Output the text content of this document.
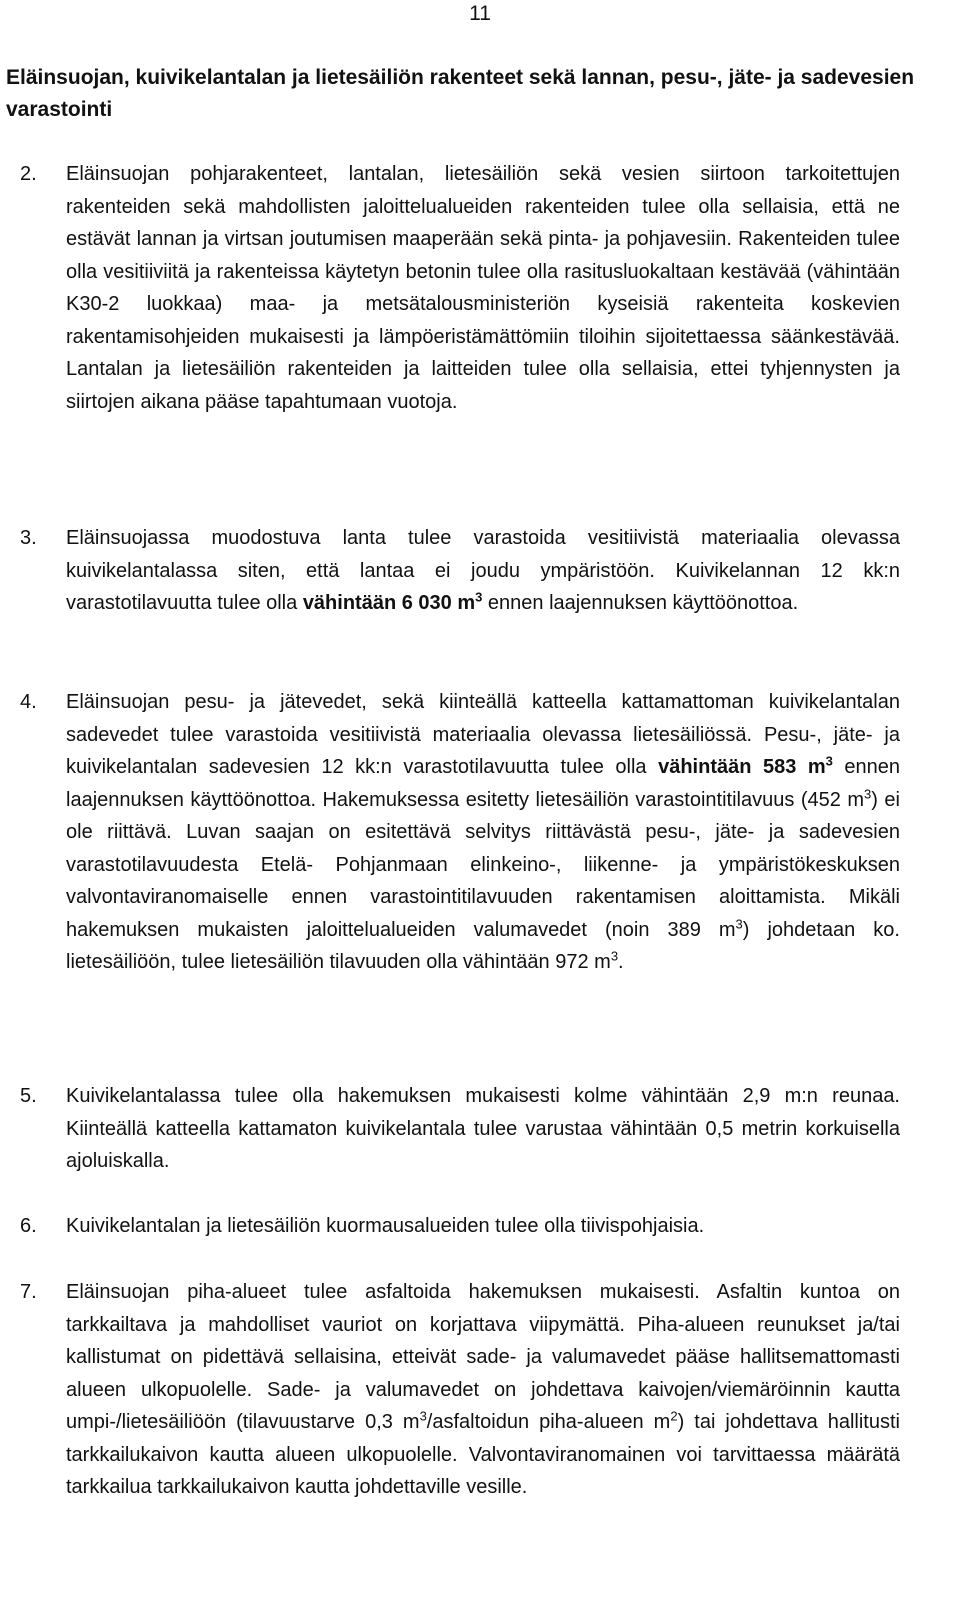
11
Eläinsuojan, kuivikelantalan ja lietesäiliön rakenteet sekä lannan, pesu-, jäte- ja sadevesien varastointi
2.	Eläinsuojan pohjarakenteet, lantalan, lietesäiliön sekä vesien siirtoon tarkoitettujen rakenteiden sekä mahdollisten jaloittelualueiden rakenteiden tulee olla sellaisia, että ne estävät lannan ja virtsan joutumisen maaperään sekä pinta- ja pohjavesiin. Rakenteiden tulee olla vesitiiviitä ja rakenteissa käytetyn betonin tulee olla rasitusluokaltaan kestävää (vähintään K30-2 luokkaa) maa- ja metsätalousministeriön kyseisiä rakenteita koskevien rakentamisohjeiden mukaisesti ja lämpöeristämättömiin tiloihin sijoitettaessa säänkestävää. Lantalan ja lietesäiliön rakenteiden ja laitteiden tulee olla sellaisia, ettei tyhjennysten ja siirtojen aikana pääse tapahtumaan vuotoja.
3.	Eläinsuojassa muodostuva lanta tulee varastoida vesitiivistä materiaalia olevassa kuivikelantalassa siten, että lantaa ei joudu ympäristöön. Kuivikelannan 12 kk:n varastotilavuutta tulee olla vähintään 6 030 $m^3$ ennen laajennuksen käyttöönottoa.
4.	Eläinsuojan pesu- ja jätevedet, sekä kiinteällä katteella kattamattoman kuivikelantalan sadevedet tulee varastoida vesitiivistä materiaalia olevassa lietesäiliössä. Pesu-, jäte- ja kuivikelantalan sadevesien 12 kk:n varastotilavuutta tulee olla vähintään 583 $m^3$ ennen laajennuksen käyttöönottoa. Hakemuksessa esitetty lietesäiliön varastointitilavuus (452 $m^3$) ei ole riittävä. Luvan saajan on esitettävä selvitys riittävästä pesu-, jäte- ja sadevesien varastotilavuudesta Etelä- Pohjanmaan elinkeino-, liikenne- ja ympäristökeskuksen valvontaviranomaiselle ennen varastointitilavuuden rakentamisen aloittamista. Mikäli hakemuksen mukaisten jaloittelualueiden valumavedet (noin 389 $m^3$) johdetaan ko. lietesäiliöön, tulee lietesäiliön tilavuuden olla vähintään 972 $m^3$.
5.	Kuivikelantalassa tulee olla hakemuksen mukaisesti kolme vähintään 2,9 m:n reunaa. Kiinteällä katteella kattamaton kuivikelantala tulee varustaa vähintään 0,5 metrin korkuisella ajoluiskalla.
6.	Kuivikelantalan ja lietesäiliön kuormausalueiden tulee olla tiivispohjaisia.
7.	Eläinsuojan piha-alueet tulee asfaltoida hakemuksen mukaisesti. Asfaltin kuntoa on tarkkailtava ja mahdolliset vauriot on korjattava viipymättä. Piha-alueen reunukset ja/tai kallistumat on pidettävä sellaisina, etteivät sade- ja valumavedet pääse hallitsemattomasti alueen ulkopuolelle. Sade- ja valumavedet on johdettava kaivojen/viemäröinnin kautta umpi-/lietesäiliöön (tilavuustarve 0,3 $m^3$/asfaltoidun piha-alueen $m^2$) tai johdettava hallitusti tarkkailukaivon kautta alueen ulkopuolelle. Valvontaviranomainen voi tarvittaessa määrätä tarkkailua tarkkailukaivon kautta johdettaville vesille.
